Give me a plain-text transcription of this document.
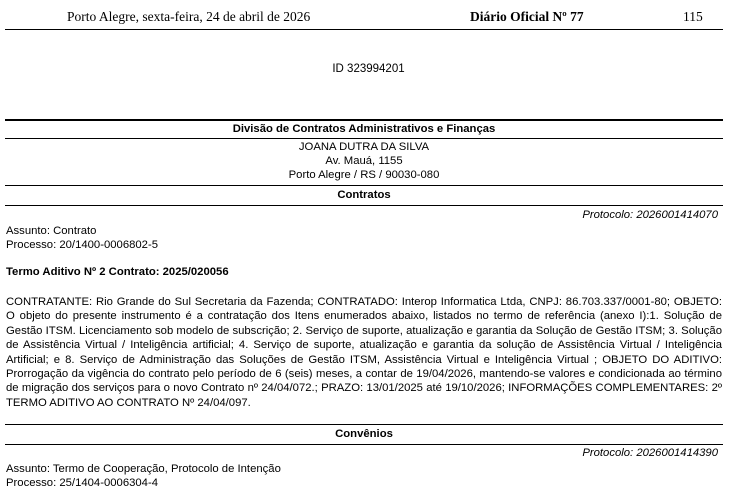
Porto Alegre, sexta-feira, 24 de abril de 2026	Diário Oficial Nº 77	115
ID 323994201
Divisão de Contratos Administrativos e Finanças
JOANA DUTRA DA SILVA
Av. Mauá, 1155
Porto Alegre / RS / 90030-080
Contratos
Protocolo: 2026001414070
Assunto: Contrato
Processo: 20/1400-0006802-5
Termo Aditivo Nº 2 Contrato: 2025/020056
CONTRATANTE: Rio Grande do Sul Secretaria da Fazenda; CONTRATADO: Interop Informatica Ltda, CNPJ: 86.703.337/0001-80; OBJETO: O objeto do presente instrumento é a contratação dos Itens enumerados abaixo, listados no termo de referência (anexo I):1. Solução de Gestão ITSM. Licenciamento sob modelo de subscrição; 2. Serviço de suporte, atualização e garantia da Solução de Gestão ITSM; 3. Solução de Assistência Virtual / Inteligência artificial; 4. Serviço de suporte, atualização e garantia da solução de Assistência Virtual / Inteligência Artificial; e 8. Serviço de Administração das Soluções de Gestão ITSM, Assistência Virtual e Inteligência Virtual ; OBJETO DO ADITIVO: Prorrogação da vigência do contrato pelo período de 6 (seis) meses, a contar de 19/04/2026, mantendo-se valores e condicionada ao término de migração dos serviços para o novo Contrato nº 24/04/072.; PRAZO: 13/01/2025 até 19/10/2026; INFORMAÇÕES COMPLEMENTARES: 2º TERMO ADITIVO AO CONTRATO Nº 24/04/097.
Convênios
Protocolo: 2026001414390
Assunto: Termo de Cooperação, Protocolo de Intenção
Processo: 25/1404-0006304-4
